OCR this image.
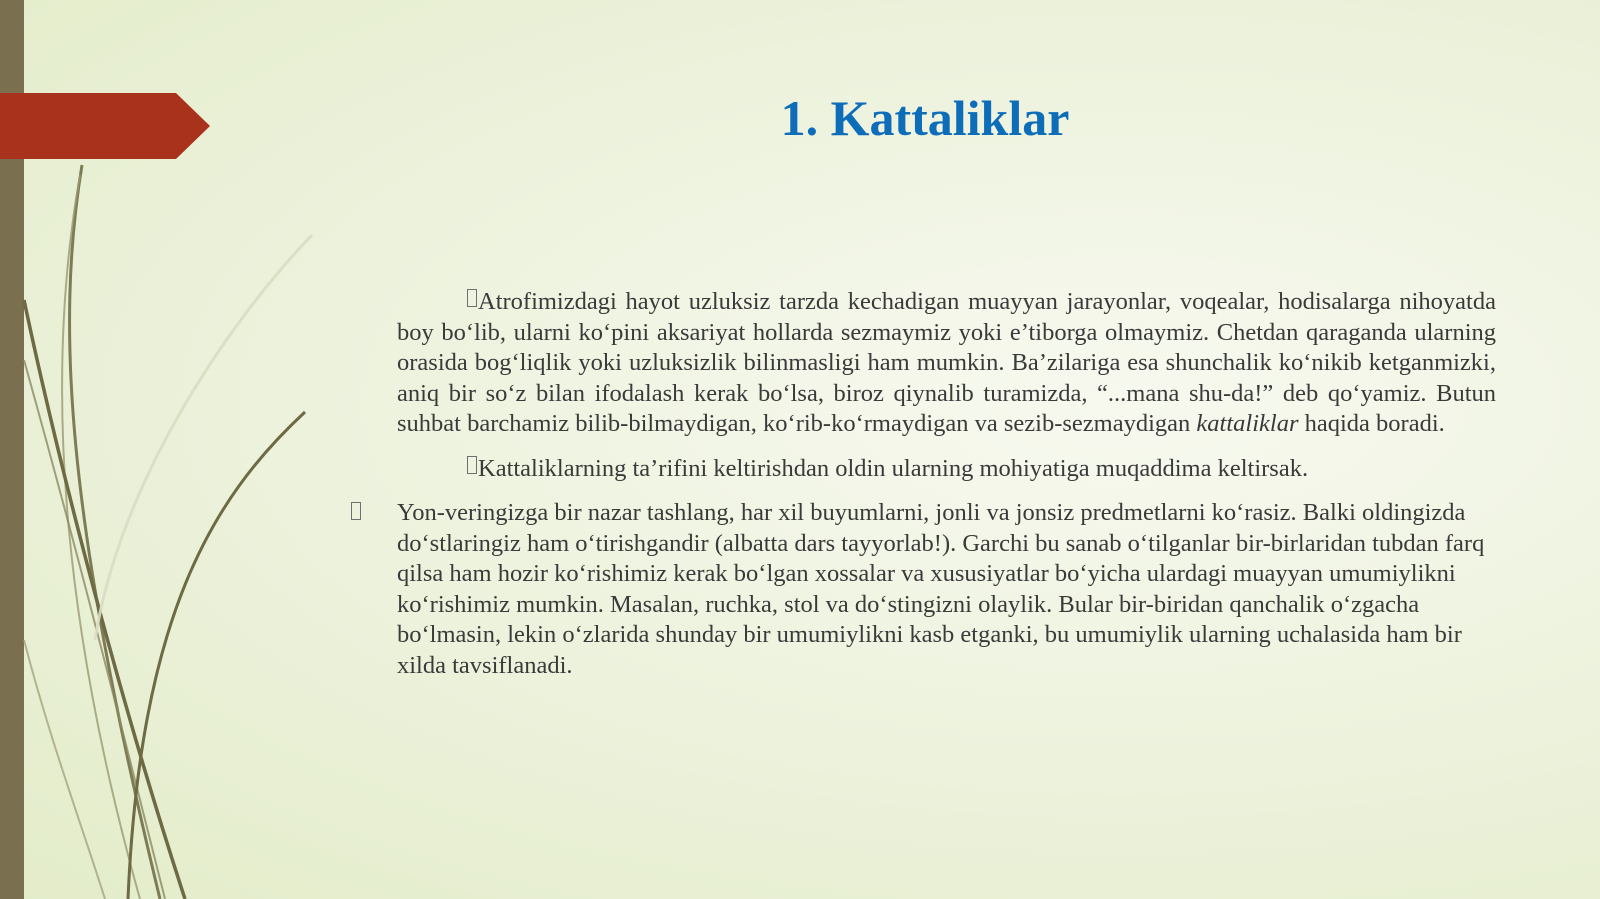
1. Kattaliklar

Atrofimizdagi hayot uzluksiz tarzda kechadigan muayyan jarayonlar, voqealar, hodisalarga nihoyatda boy bo‘lib, ularni ko‘pini aksariyat hollarda sezmaymiz yoki e’tiborga olmaymiz. Chetdan qaraganda ularning orasida bog‘liqlik yoki uzluksizlik bilinmasligi ham mumkin. Ba’zilariga esa shunchalik ko‘nikib ketganmizki, aniq bir so‘z bilan ifodalash kerak bo‘lsa, biroz qiynalib turamizda, “...mana shu-da!” deb qo‘yamiz. Butun suhbat barchamiz bilib-bilmaydigan, ko‘rib-ko‘rmaydigan va sezib-sezmaydigan kattaliklar haqida boradi.

Kattaliklarning ta’rifini keltirishdan oldin ularning mohiyatiga muqaddima keltirsak.

Yon-veringizga bir nazar tashlang, har xil buyumlarni, jonli va jonsiz predmetlarni ko‘rasiz. Balki oldingizda do‘stlaringiz ham o‘tirishgandir (albatta dars tayyorlab!). Garchi bu sanab o‘tilganlar bir-birlaridan tubdan farq qilsa ham hozir ko‘rishimiz kerak bo‘lgan xossalar va xususiyatlar bo‘yicha ulardagi muayyan umumiylikni ko‘rishimiz mumkin. Masalan, ruchka, stol va do‘stingizni olaylik. Bular bir-biridan qanchalik o‘zgacha bo‘lmasin, lekin o‘zlarida shunday bir umumiylikni kasb etganki, bu umumiylik ularning uchalasida ham bir xilda tavsiflanadi.
